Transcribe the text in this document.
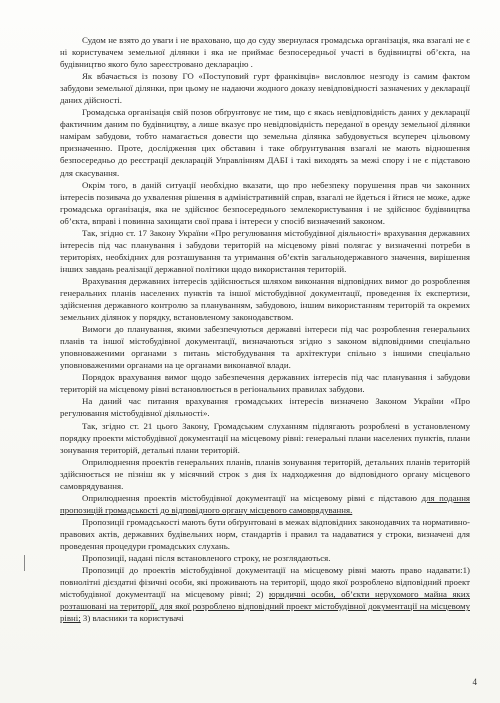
Судом не взято до уваги і не враховано, що до суду звернулася громадська організація, яка взагалі не є ні користувачем земельної ділянки і яка не приймає безпосередньої участі в будівництві об’єкта, на будівництво якого було зареєстровано декларацію .

Як вбачається із позову ГО «Поступовий гурт франківців» висловлює незгоду із самим фактом забудови земельної ділянки, при цьому не надаючи жодного доказу невідповідності зазначених у декларації даних дійсності.

Громадська організація свій позов обґрунтовує не тим, що є якась невідповідність даних у декларації фактичним даним по будівництву, а лише вказує про невідповідність переданої в оренду земельної ділянки намірам забудови, тобто намагається довести що земельна ділянка забудовується всупереч цільовому призначенню. Проте, дослідження цих обставин і таке обґрунтування взагалі не мають відношення безпосередньо до реєстрації декларацій Управлінням ДАБІ і такі виходять за межі спору і не є підставою для скасування.

Окрім того, в даній ситуації необхідно вказати, що про небезпеку порушення прав чи законних інтересів позивача до ухвалення рішення в адміністративній справ, взагалі не йдеться і йтися не може, адже громадська організація, яка не здійснює безпосереднього землекористування і не здійснює будівництва об’єкта, вправі і повинна захищати свої права і інтереси у спосіб визначений законом.

Так, згідно ст. 17 Закону України «Про регулювання містобудівної діяльності» врахування державних інтересів під час планування і забудови територій на місцевому рівні полягає у визначенні потреби в територіях, необхідних для розташування та утримання об’єктів загальнодержавного значення, вирішення інших завдань реалізації державної політики щодо використання територій.

Врахування державних інтересів здійснюється шляхом виконання відповідних вимог до розроблення генеральних планів населених пунктів та іншої містобудівної документації, проведення їх експертизи, здійснення державного контролю за плануванням, забудовою, іншим використанням територій та окремих земельних ділянок у порядку, встановленому законодавством.

Вимоги до планування, якими забезпечуються державні інтереси під час розроблення генеральних планів та іншої містобудівної документації, визначаються згідно з законом відповідними спеціально уповноваженими органами з питань містобудування та архітектури спільно з іншими спеціально уповноваженими органами на це органами виконавчої влади.

Порядок врахування вимог щодо забезпечення державних інтересів під час планування і забудови територій на місцевому рівні встановлюється в регіональних правилах забудови.

На даний час питання врахування громадських інтересів визначено Законом України «Про регулювання містобудівної діяльності».

Так, згідно ст. 21 цього Закону, Громадським слуханням підлягають розроблені в установленому порядку проекти містобудівної документації на місцевому рівні: генеральні плани населених пунктів, плани зонування територій, детальні плани територій.

Оприлюднення проектів генеральних планів, планів зонування територій, детальних планів територій здійснюється не пізніш як у місячний строк з дня їх надходження до відповідного органу місцевого самоврядування.

Оприлюднення проектів містобудівної документації на місцевому рівні є підставою для подання пропозицій громадськості до відповідного органу місцевого самоврядування.

Пропозиції громадськості мають бути обґрунтовані в межах відповідних законодавчих та нормативно-правових актів, державних будівельних норм, стандартів і правил та надаватися у строки, визначені для проведення процедури громадських слухань.

Пропозиції, надані після встановленого строку, не розглядаються.

Пропозиції до проектів містобудівної документації на місцевому рівні мають право надавати:1) повнолітні дієздатні фізичні особи, які проживають на території, щодо якої розроблено відповідний проект містобудівної документації на місцевому рівні; 2) юридичні особи, об’єкти нерухомого майна яких розташовані на території, для якої розроблено відповідний проект містобудівної документації на місцевому рівні; 3) власники та користувачі

4
